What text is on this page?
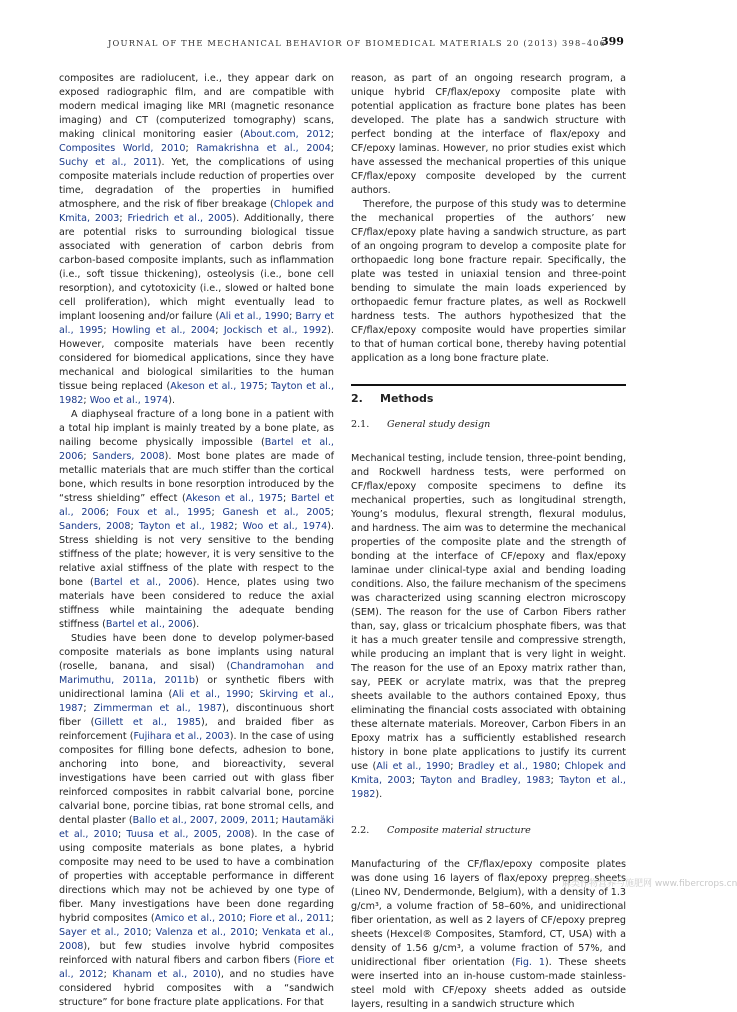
JOURNAL OF THE MECHANICAL BEHAVIOR OF BIOMEDICAL MATERIALS 20 (2013) 398–406
399

composites are radiolucent, i.e., they appear dark on exposed radiographic film, and are compatible with modern medical imaging like MRI (magnetic resonance imaging) and CT (computerized tomography) scans, making clinical monitoring easier (About.com, 2012; Composites World, 2010; Ramakrishna et al., 2004; Suchy et al., 2011). Yet, the complications of using composite materials include reduction of properties over time, degradation of the properties in humified atmosphere, and the risk of fiber breakage (Chlopek and Kmita, 2003; Friedrich et al., 2005). Additionally, there are potential risks to surrounding biological tissue associated with generation of carbon debris from carbon-based composite implants, such as inflammation (i.e., soft tissue thickening), osteolysis (i.e., bone cell resorption), and cytotoxicity (i.e., slowed or halted bone cell proliferation), which might eventually lead to implant loosening and/or failure (Ali et al., 1990; Barry et al., 1995; Howling et al., 2004; Jockisch et al., 1992). However, composite materials have been recently considered for biomedical applications, since they have mechanical and biological similarities to the human tissue being replaced (Akeson et al., 1975; Tayton et al., 1982; Woo et al., 1974).

A diaphyseal fracture of a long bone in a patient with a total hip implant is mainly treated by a bone plate, as nailing become physically impossible (Bartel et al., 2006; Sanders, 2008). Most bone plates are made of metallic materials that are much stiffer than the cortical bone, which results in bone resorption introduced by the “stress shielding” effect (Akeson et al., 1975; Bartel et al., 2006; Foux et al., 1995; Ganesh et al., 2005; Sanders, 2008; Tayton et al., 1982; Woo et al., 1974). Stress shielding is not very sensitive to the bending stiffness of the plate; however, it is very sensitive to the relative axial stiffness of the plate with respect to the bone (Bartel et al., 2006). Hence, plates using two materials have been considered to reduce the axial stiffness while maintaining the adequate bending stiffness (Bartel et al., 2006).

Studies have been done to develop polymer-based composite materials as bone implants using natural (roselle, banana, and sisal) (Chandramohan and Marimuthu, 2011a, 2011b) or synthetic fibers with unidirectional lamina (Ali et al., 1990; Skirving et al., 1987; Zimmerman et al., 1987), discontinuous short fiber (Gillett et al., 1985), and braided fiber as reinforcement (Fujihara et al., 2003). In the case of using composites for filling bone defects, adhesion to bone, anchoring into bone, and bioreactivity, several investigations have been carried out with glass fiber reinforced composites in rabbit calvarial bone, porcine calvarial bone, porcine tibias, rat bone stromal cells, and dental plaster (Ballo et al., 2007, 2009, 2011; Hautamäki et al., 2010; Tuusa et al., 2005, 2008). In the case of using composite materials as bone plates, a hybrid composite may need to be used to have a combination of properties with acceptable performance in different directions which may not be achieved by one type of fiber. Many investigations have been done regarding hybrid composites (Amico et al., 2010; Fiore et al., 2011; Sayer et al., 2010; Valenza et al., 2010; Venkata et al., 2008), but few studies involve hybrid composites reinforced with natural fibers and carbon fibers (Fiore et al., 2012; Khanam et al., 2010), and no studies have considered hybrid composites with a “sandwich structure” for bone fracture plate applications. For that

reason, as part of an ongoing research program, a unique hybrid CF/flax/epoxy composite plate with potential application as fracture bone plates has been developed. The plate has a sandwich structure with perfect bonding at the interface of flax/epoxy and CF/epoxy laminas. However, no prior studies exist which have assessed the mechanical properties of this unique CF/flax/epoxy composite developed by the current authors.

Therefore, the purpose of this study was to determine the mechanical properties of the authors’ new CF/flax/epoxy plate having a sandwich structure, as part of an ongoing program to develop a composite plate for orthopaedic long bone fracture repair. Specifically, the plate was tested in uniaxial tension and three-point bending to simulate the main loads experienced by orthopaedic femur fracture plates, as well as Rockwell hardness tests. The authors hypothesized that the CF/flax/epoxy composite would have properties similar to that of human cortical bone, thereby having potential application as a long bone fracture plate.

2. Methods
2.1. General study design

Mechanical testing, include tension, three-point bending, and Rockwell hardness tests, were performed on CF/flax/epoxy composite specimens to define its mechanical properties, such as longitudinal strength, Young’s modulus, flexural strength, flexural modulus, and hardness. The aim was to determine the mechanical properties of the composite plate and the strength of bonding at the interface of CF/epoxy and flax/epoxy laminae under clinical-type axial and bending loading conditions. Also, the failure mechanism of the specimens was characterized using scanning electron microscopy (SEM). The reason for the use of Carbon Fibers rather than, say, glass or tricalcium phosphate fibers, was that it has a much greater tensile and compressive strength, while producing an implant that is very light in weight. The reason for the use of an Epoxy matrix rather than, say, PEEK or acrylate matrix, was that the prepreg sheets available to the authors contained Epoxy, thus eliminating the financial costs associated with obtaining these alternate materials. Moreover, Carbon Fibers in an Epoxy matrix has a sufficiently established research history in bone plate applications to justify its current use (Ali et al., 1990; Bradley et al., 1980; Chlopek and Kmita, 2003; Tayton and Bradley, 1983; Tayton et al., 1982).

2.2. Composite material structure

Manufacturing of the CF/flax/epoxy composite plates was done using 16 layers of flax/epoxy prepreg sheets (Lineo NV, Dendermonde, Belgium), with a density of 1.3 g/cm³, a volume fraction of 58–60%, and unidirectional fiber orientation, as well as 2 layers of CF/epoxy prepreg sheets (Hexcel® Composites, Stamford, CT, USA) with a density of 1.56 g/cm³, a volume fraction of 57%, and unidirectional fiber orientation (Fig. 1). These sheets were inserted into an in-house custom-made stainless-steel mold with CF/epoxy sheets added as outside layers, resulting in a sandwich structure which

麻类作物营养与施肥网 www.fibercrops.cn
